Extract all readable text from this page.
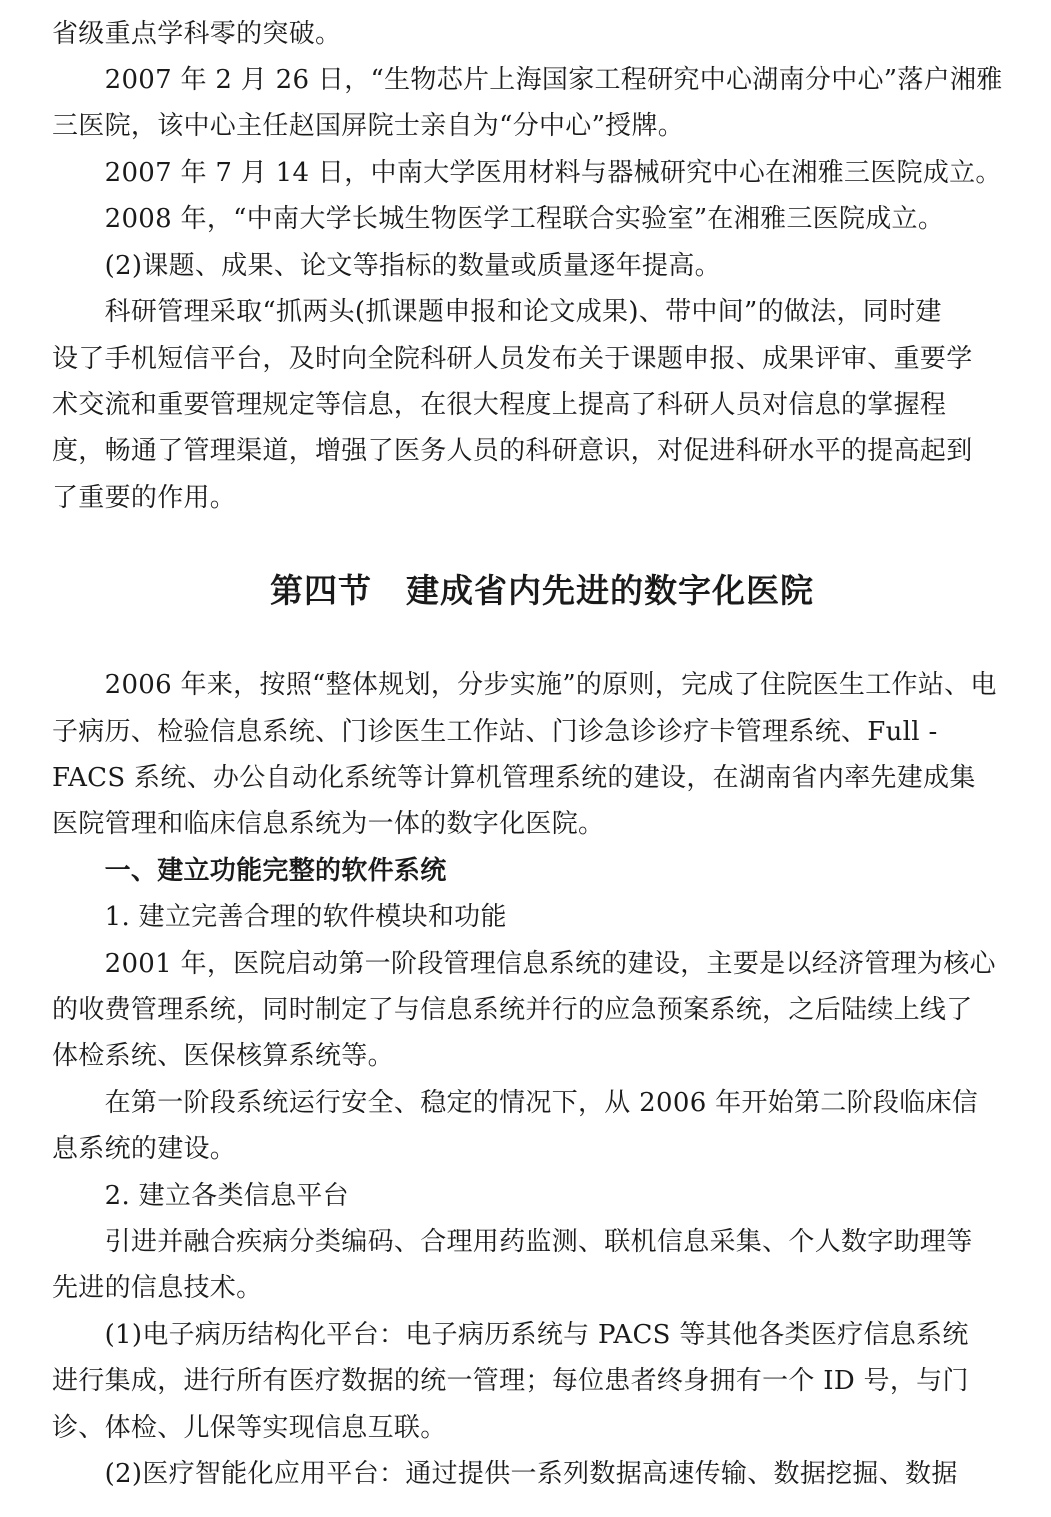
省级重点学科零的突破。
　　2007 年 2 月 26 日，“生物芯片上海国家工程研究中心湖南分中心”落户湘雅
三医院，该中心主任赵国屏院士亲自为“分中心”授牌。
　　2007 年 7 月 14 日，中南大学医用材料与器械研究中心在湘雅三医院成立。
　　2008 年，“中南大学长城生物医学工程联合实验室”在湘雅三医院成立。
　　(2)课题、成果、论文等指标的数量或质量逐年提高。
　　科研管理采取“抓两头(抓课题申报和论文成果)、带中间”的做法，同时建
设了手机短信平台，及时向全院科研人员发布关于课题申报、成果评审、重要学
术交流和重要管理规定等信息，在很大程度上提高了科研人员对信息的掌握程
度，畅通了管理渠道，增强了医务人员的科研意识，对促进科研水平的提高起到
了重要的作用。
第四节　建成省内先进的数字化医院
　　2006 年来，按照“整体规划，分步实施”的原则，完成了住院医生工作站、电
子病历、检验信息系统、门诊医生工作站、门诊急诊诊疗卡管理系统、Full -
FACS 系统、办公自动化系统等计算机管理系统的建设，在湖南省内率先建成集
医院管理和临床信息系统为一体的数字化医院。
　　一、建立功能完整的软件系统
　　1. 建立完善合理的软件模块和功能
　　2001 年，医院启动第一阶段管理信息系统的建设，主要是以经济管理为核心
的收费管理系统，同时制定了与信息系统并行的应急预案系统，之后陆续上线了
体检系统、医保核算系统等。
　　在第一阶段系统运行安全、稳定的情况下，从 2006 年开始第二阶段临床信
息系统的建设。
　　2. 建立各类信息平台
　　引进并融合疾病分类编码、合理用药监测、联机信息采集、个人数字助理等
先进的信息技术。
　　(1)电子病历结构化平台：电子病历系统与 PACS 等其他各类医疗信息系统
进行集成，进行所有医疗数据的统一管理；每位患者终身拥有一个 ID 号，与门
诊、体检、儿保等实现信息互联。
　　(2)医疗智能化应用平台：通过提供一系列数据高速传输、数据挖掘、数据
